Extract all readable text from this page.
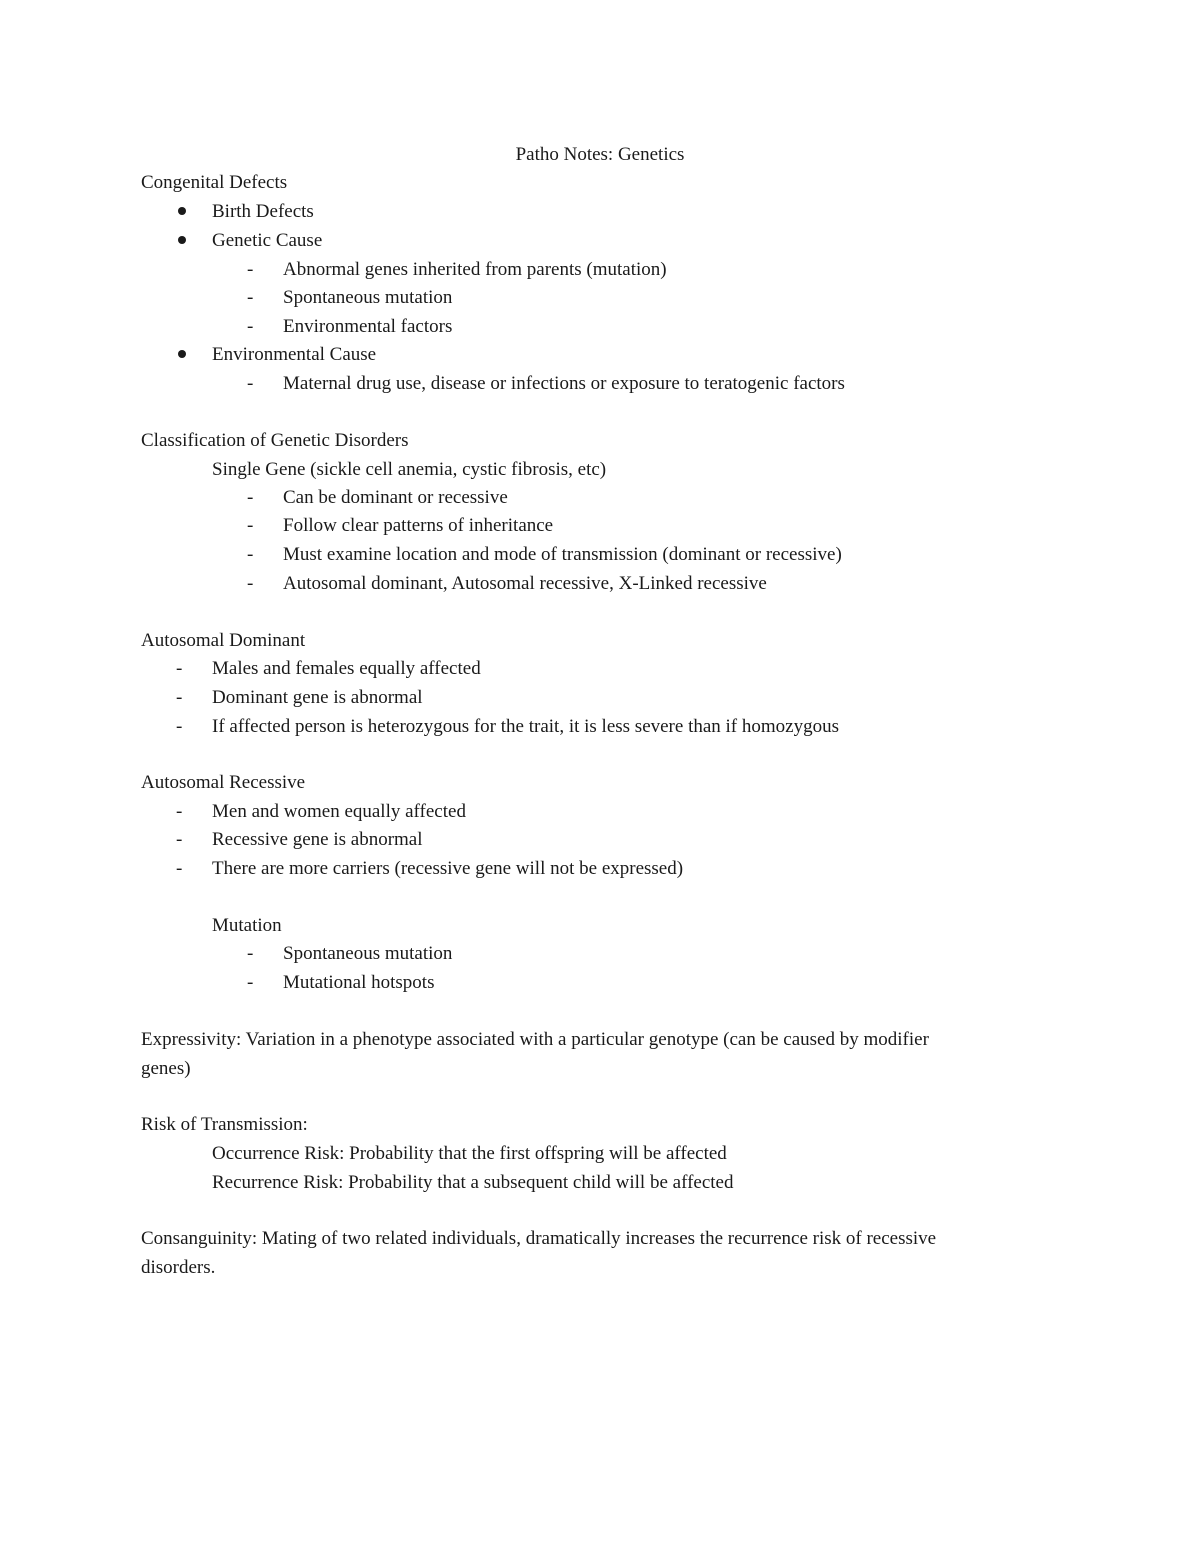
Patho Notes: Genetics
Congenital Defects
Birth Defects
Genetic Cause
- Abnormal genes inherited from parents (mutation)
- Spontaneous mutation
- Environmental factors
Environmental Cause
- Maternal drug use, disease or infections or exposure to teratogenic factors
Classification of Genetic Disorders
Single Gene (sickle cell anemia, cystic fibrosis, etc)
- Can be dominant or recessive
- Follow clear patterns of inheritance
- Must examine location and mode of transmission (dominant or recessive)
- Autosomal dominant, Autosomal recessive, X-Linked recessive
Autosomal Dominant
- Males and females equally affected
- Dominant gene is abnormal
- If affected person is heterozygous for the trait, it is less severe than if homozygous
Autosomal Recessive
- Men and women equally affected
- Recessive gene is abnormal
- There are more carriers (recessive gene will not be expressed)
Mutation
- Spontaneous mutation
- Mutational hotspots
Expressivity: Variation in a phenotype associated with a particular genotype (can be caused by modifier
genes)
Risk of Transmission:
Occurrence Risk: Probability that the first offspring will be affected
Recurrence Risk: Probability that a subsequent child will be affected
Consanguinity: Mating of two related individuals, dramatically increases the recurrence risk of recessive
disorders.
